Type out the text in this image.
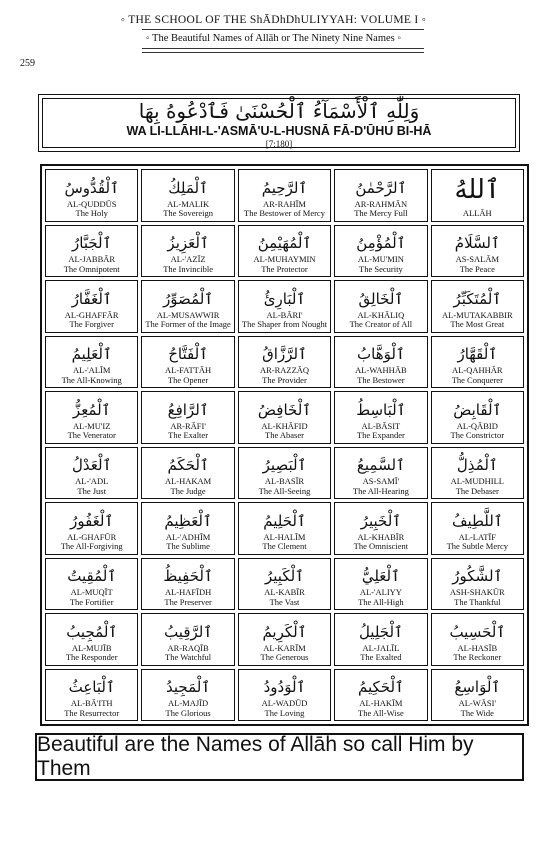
◦ THE SCHOOL OF THE ShĀDhDhULIYYAH: VOLUME I ◦
◦ The Beautiful Names of Allāh or The Ninety Nine Names ◦
259
وَلِلّٰهِ ٱلْأَسْمَآءُ ٱلْحُسْنَىٰ فَٱدْعُوهُ بِهَا
WA LI-LLĀHI-L-'ASMĀ'U-L-HUSNĀ FĀ-D'ŪHU BI-HĀ
[7:180]
ٱلْقُدُّوسُ
AL-QUDDŪS
The Holy
ٱلْمَلِكُ
AL-MALIK
The Sovereign
ٱلرَّحِيمُ
AR-RAHĪM
The Bestower of Mercy
ٱلرَّحْمٰنُ
AR-RAHMĀN
The Mercy Full
ٱللهُ
ALLĀH
ٱلْجَبَّارُ
AL-JABBĀR
The Omnipotent
ٱلْعَزِيزُ
AL-'AZĪZ
The Invincible
ٱلْمُهَيْمِنُ
AL-MUHAYMIN
The Protector
ٱلْمُؤْمِنُ
AL-MU'MIN
The Security
ٱلسَّلَامُ
AS-SALĀM
The Peace
ٱلْغَفَّارُ
AL-GHAFFĀR
The Forgiver
ٱلْمُصَوِّرُ
AL-MUSAWWIR
The Former of the Image
ٱلْبَارِئُ
AL-BĀRI'
The Shaper from Nought
ٱلْخَالِقُ
AL-KHĀLIQ
The Creator of All
ٱلْمُتَكَبِّرُ
AL-MUTAKABBIR
The Most Great
ٱلْعَلِيمُ
AL-'ALĪM
The All-Knowing
ٱلْفَتَّاحُ
AL-FATTĀH
The Opener
ٱلرَّزَّاقُ
AR-RAZZĀQ
The Provider
ٱلْوَهَّابُ
AL-WAHHĀB
The Bestower
ٱلْقَهَّارُ
AL-QAHHĀR
The Conquerer
ٱلْمُعِزُّ
AL-MU'IZ
The Venerator
ٱلرَّافِعُ
AR-RĀFI'
The Exalter
ٱلْخَافِضُ
AL-KHĀFID
The Abaser
ٱلْبَاسِطُ
AL-BĀSIT
The Expander
ٱلْقَابِضُ
AL-QĀBID
The Constrictor
ٱلْعَدْلُ
AL-'ADL
The Just
ٱلْحَكَمُ
AL-HAKAM
The Judge
ٱلْبَصِيرُ
AL-BASĪR
The All-Seeing
ٱلسَّمِيعُ
AS-SAMĪ'
The All-Hearing
ٱلْمُذِلُّ
AL-MUDHILL
The Debaser
ٱلْغَفُورُ
AL-GHAFŪR
The All-Forgiving
ٱلْعَظِيمُ
AL-'ADHĪM
The Sublime
ٱلْحَلِيمُ
AL-HALĪM
The Clement
ٱلْخَبِيرُ
AL-KHABĪR
The Omniscient
ٱللَّطِيفُ
AL-LATĪF
The Subtle Mercy
ٱلْمُقِيتُ
AL-MUQĪT
The Fortifier
ٱلْحَفِيظُ
AL-HAFĪDH
The Preserver
ٱلْكَبِيرُ
AL-KABĪR
The Vast
ٱلْعَلِيُّ
AL-'ALIYY
The All-High
ٱلشَّكُورُ
ASH-SHAKŪR
The Thankful
ٱلْمُجِيبُ
AL-MUJĪB
The Responder
ٱلرَّقِيبُ
AR-RAQĪB
The Watchful
ٱلْكَرِيمُ
AL-KARĪM
The Generous
ٱلْجَلِيلُ
AL-JALĪL
The Exalted
ٱلْحَسِيبُ
AL-HASĪB
The Reckoner
ٱلْبَاعِثُ
AL-BĀ'ITH
The Resurrector
ٱلْمَجِيدُ
AL-MAJĪD
The Glorious
ٱلْوَدُودُ
AL-WADŪD
The Loving
ٱلْحَكِيمُ
AL-HAKĪM
The All-Wise
ٱلْوَاسِعُ
AL-WĀSI'
The Wide
Beautiful are the Names of Allāh so call Him by Them
